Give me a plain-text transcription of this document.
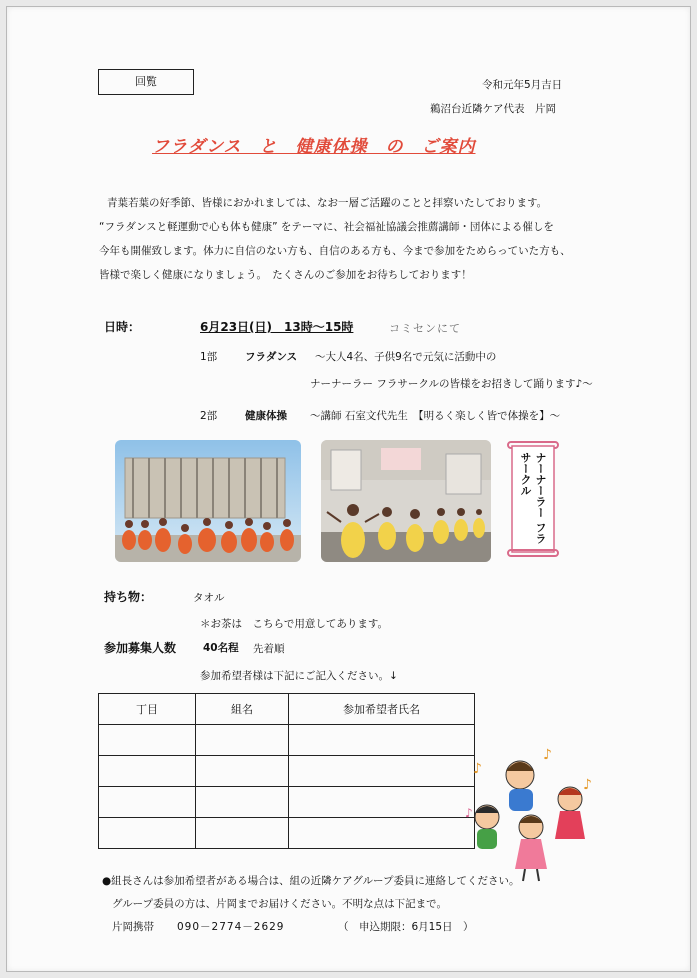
回覧	令和元年5月吉日
鵜沼台近隣ケア代表　片岡
フラダンス　と　健康体操　の　ご案内
青葉若葉の好季節、皆様におかれましては、なお一層ご活躍のことと拝察いたしております。
“フラダンスと軽運動で心も体も健康” をテーマに、社会福祉協議会推薦講師・団体による催しを
今年も開催致します。体力に自信のない方も、自信のある方も、今まで参加をためらっていた方も、
皆様で楽しく健康になりましょう。　たくさんのご参加をお待ちしております！
日時：	6月23日(日)　13時～15時	コミセンにて
1部	フラダンス ～大人4名、子供9名で元気に活動中の
ナーナーラー フラサークルの皆様をお招きして踊ります♪～
2部	健康体操 ～講師 石室文代先生　【明るく楽しく皆で体操を】～
ナーナーラー フラサークル
持ち物：	タオル
＊お茶は　こちらで用意してあります。
参加募集人数	40名程 先着順
参加希望者様は下記にご記入ください。↓
丁目	組名	参加希望者氏名

♪
♪
♪
♪
●組長さんは参加希望者がある場合は、組の近隣ケアグループ委員に連絡してください。
グループ委員の方は、片岡までお届けください。不明な点は下記まで。
片岡携帯 090－2774－2629	（　申込期限：6月15日　）
